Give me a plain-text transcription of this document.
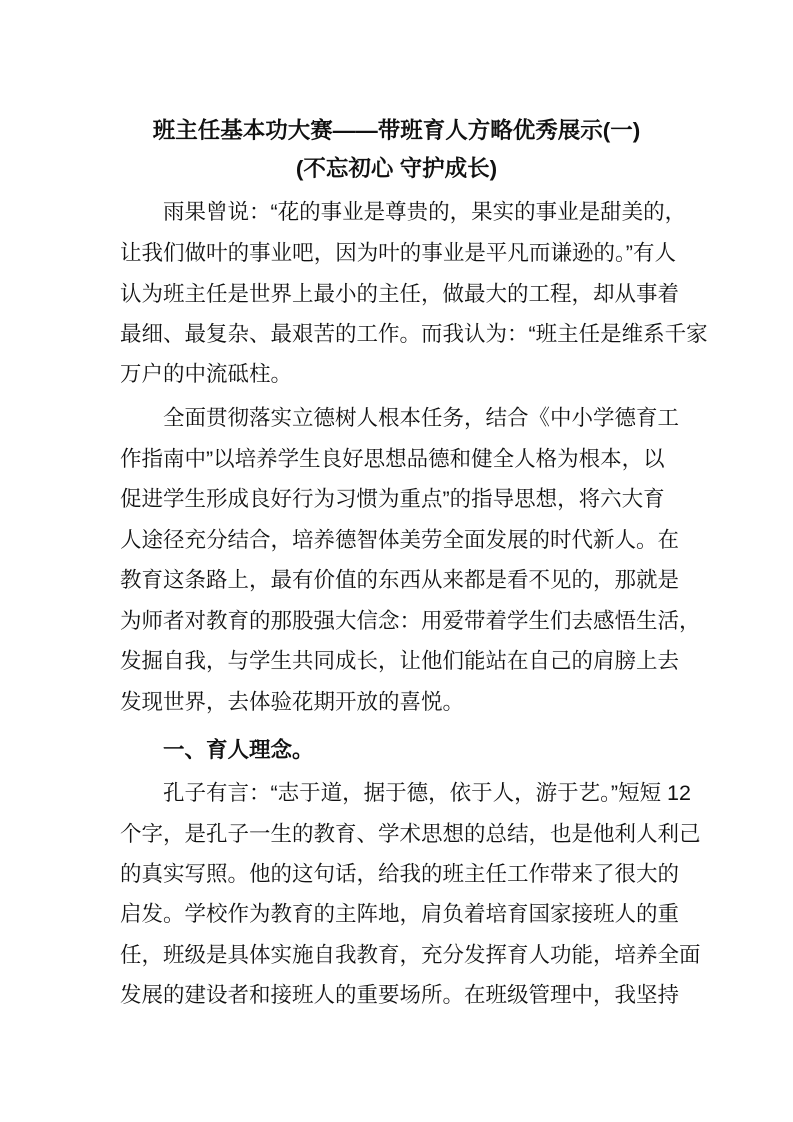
班主任基本功大赛——带班育人方略优秀展示(一)
(不忘初心 守护成长)
雨果曾说：“花的事业是尊贵的，果实的事业是甜美的，
让我们做叶的事业吧，因为叶的事业是平凡而谦逊的。”有人
认为班主任是世界上最小的主任，做最大的工程，却从事着
最细、最复杂、最艰苦的工作。而我认为：“班主任是维系千家
万户的中流砥柱。
全面贯彻落实立德树人根本任务，结合《中小学德育工
作指南中”以培养学生良好思想品德和健全人格为根本，以
促进学生形成良好行为习惯为重点”的指导思想，将六大育
人途径充分结合，培养德智体美劳全面发展的时代新人。在
教育这条路上，最有价值的东西从来都是看不见的，那就是
为师者对教育的那股强大信念：用爱带着学生们去感悟生活，
发掘自我，与学生共同成长，让他们能站在自己的肩膀上去
发现世界，去体验花期开放的喜悦。
一、育人理念。
孔子有言：“志于道，据于德，依于人，游于艺。”短短 12
个字，是孔子一生的教育、学术思想的总结，也是他利人利己
的真实写照。他的这句话，给我的班主任工作带来了很大的
启发。学校作为教育的主阵地，肩负着培育国家接班人的重
任，班级是具体实施自我教育，充分发挥育人功能，培养全面
发展的建设者和接班人的重要场所。在班级管理中，我坚持
